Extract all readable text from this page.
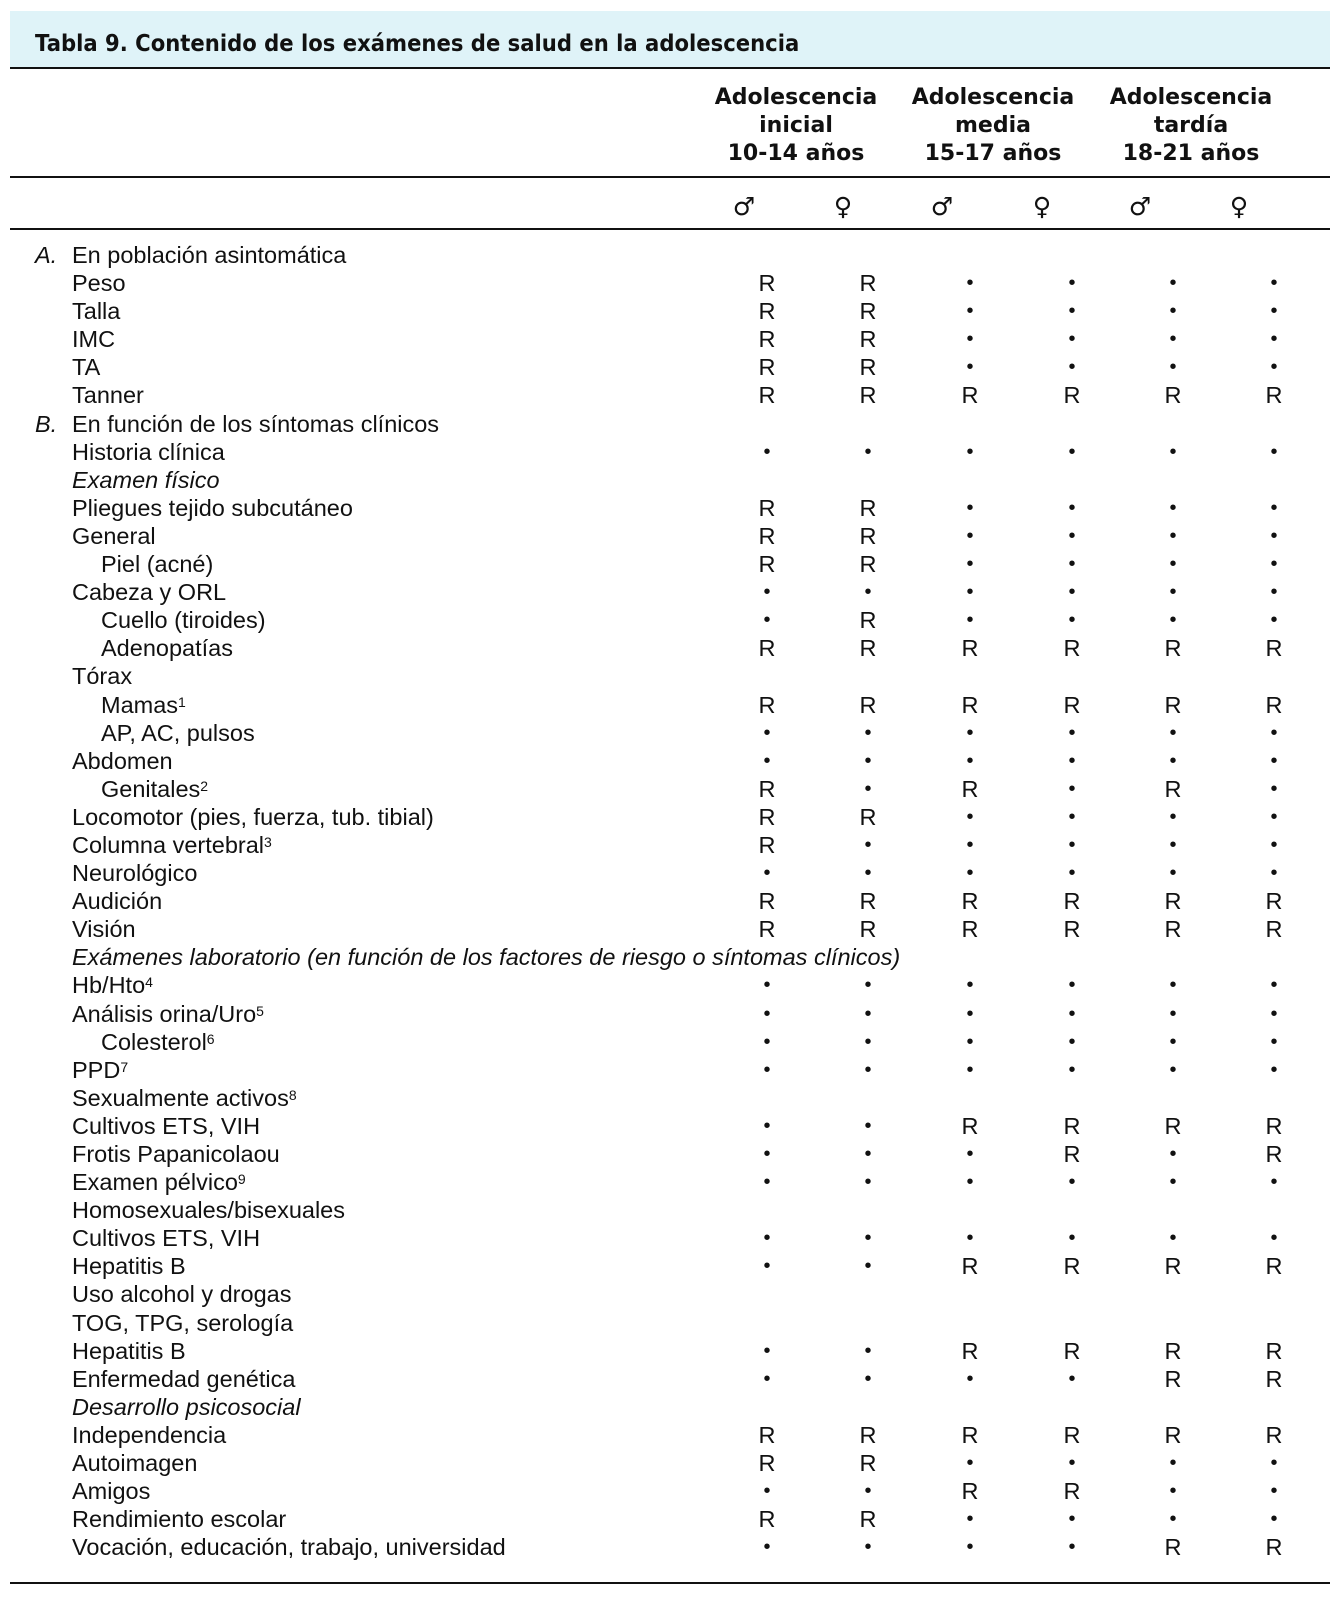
Tabla 9. Contenido de los exámenes de salud en la adolescencia
Adolescencia
inicial
10-14 años
Adolescencia
media
15-17 años
Adolescencia
tardía
18-21 años
♂	♀	♂	♀	♂	♀
A. En población asintomática
Peso	R	R	•	•	•	•
Talla	R	R	•	•	•	•
IMC	R	R	•	•	•	•
TA	R	R	•	•	•	•
Tanner	R	R	R	R	R	R
B. En función de los síntomas clínicos
Historia clínica	•	•	•	•	•	•
Examen físico
Pliegues tejido subcutáneo	R	R	•	•	•	•
General	R	R	•	•	•	•
Piel (acné)	R	R	•	•	•	•
Cabeza y ORL	•	•	•	•	•	•
Cuello (tiroides)	•	R	•	•	•	•
Adenopatías	R	R	R	R	R	R
Tórax
Mamas$^1$	R	R	R	R	R	R
AP, AC, pulsos	•	•	•	•	•	•
Abdomen	•	•	•	•	•	•
Genitales$^2$	R	•	R	•	R	•
Locomotor (pies, fuerza, tub. tibial)	R	R	•	•	•	•
Columna vertebral$^3$	R	•	•	•	•	•
Neurológico	•	•	•	•	•	•
Audición	R	R	R	R	R	R
Visión	R	R	R	R	R	R
Exámenes laboratorio (en función de los factores de riesgo o síntomas clínicos)
Hb/Hto$^4$	•	•	•	•	•	•
Análisis orina/Uro$^5$	•	•	•	•	•	•
Colesterol$^6$	•	•	•	•	•	•
PPD$^7$	•	•	•	•	•	•
Sexualmente activos$^8$
Cultivos ETS, VIH	•	•	R	R	R	R
Frotis Papanicolaou	•	•	•	R	•	R
Examen pélvico$^9$	•	•	•	•	•	•
Homosexuales/bisexuales
Cultivos ETS, VIH	•	•	•	•	•	•
Hepatitis B	•	•	R	R	R	R
Uso alcohol y drogas
TOG, TPG, serología
Hepatitis B	•	•	R	R	R	R
Enfermedad genética	•	•	•	•	R	R
Desarrollo psicosocial
Independencia	R	R	R	R	R	R
Autoimagen	R	R	•	•	•	•
Amigos	•	•	R	R	•	•
Rendimiento escolar	R	R	•	•	•	•
Vocación, educación, trabajo, universidad	•	•	•	•	R	R
